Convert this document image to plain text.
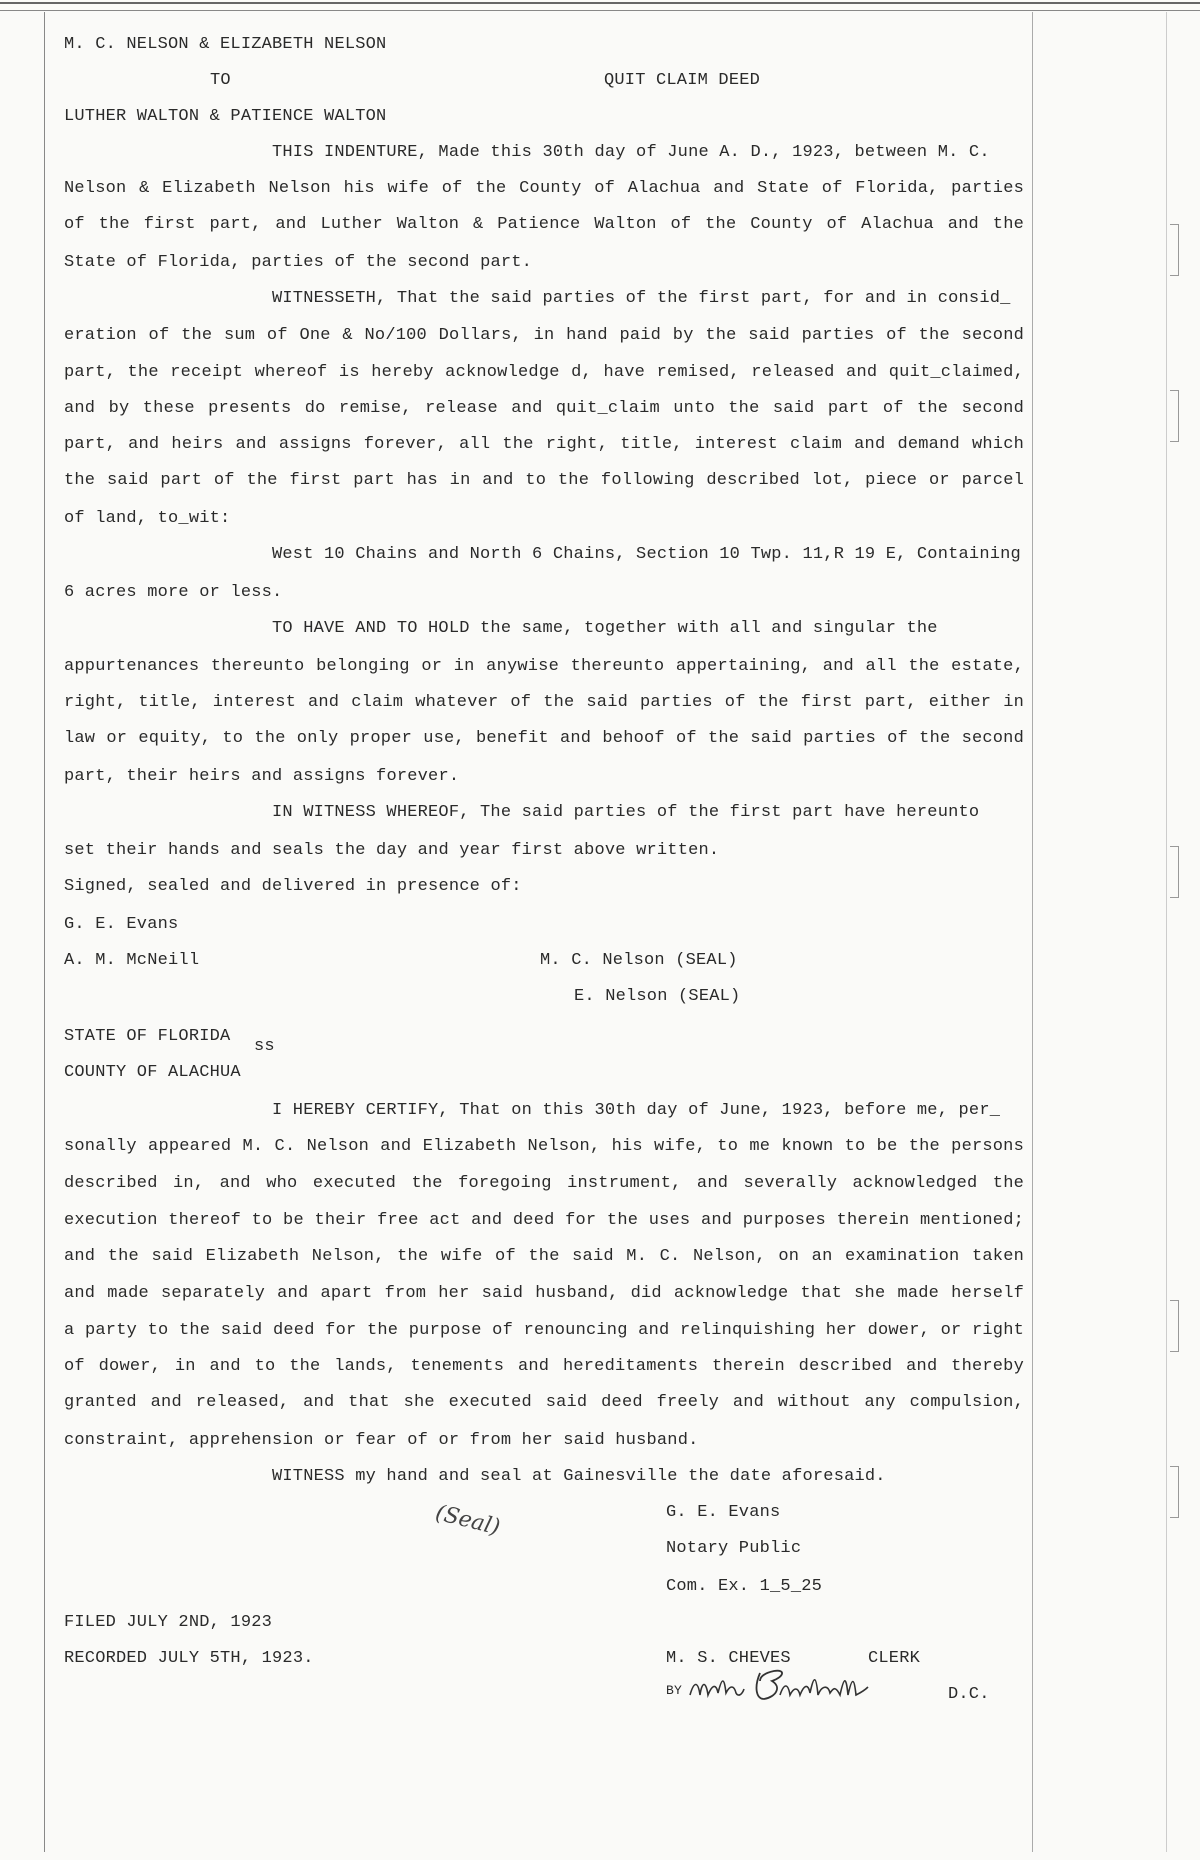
M. C. NELSON & ELIZABETH NELSON
TO	QUIT CLAIM DEED
LUTHER WALTON & PATIENCE WALTON
THIS INDENTURE, Made this 30th day of June A. D., 1923, between M. C.
Nelson & Elizabeth Nelson his wife of the County of Alachua and State of Florida, parties
of the first part, and Luther Walton & Patience Walton of the County of Alachua and the
State of Florida, parties of the second part.
WITNESSETH, That the said parties of the first part, for and in consid_
eration of the sum of One & No/100 Dollars, in hand paid by the said parties of the second
part, the receipt whereof is hereby acknowledge d, have remised, released and quit_claimed,
and by these presents do remise, release and quit_claim unto the said part of the second
part, and heirs and assigns forever, all the right, title, interest claim and demand which
the said part of the first part has in and to the following described lot, piece or parcel
of land, to_wit:
West 10 Chains and North 6 Chains, Section 10 Twp. 11,R 19 E, Containing
6 acres more or less.
TO HAVE AND TO HOLD the same, together with all and singular the
appurtenances thereunto belonging or in anywise thereunto appertaining, and all the estate,
right, title, interest and claim whatever of the said parties of the first part, either in
law or equity, to the only proper use, benefit and behoof of the said parties of the second
part, their heirs and assigns forever.
IN WITNESS WHEREOF, The said parties of the first part have hereunto
set their hands and seals the day and year first above written.
Signed, sealed and delivered in presence of:
G. E. Evans
A. M. McNeill	M. C. Nelson (SEAL)
E. Nelson (SEAL)
STATE OF FLORIDA
ss
COUNTY OF ALACHUA
I HEREBY CERTIFY, That on this 30th day of June, 1923, before me, per_
sonally appeared M. C. Nelson and Elizabeth Nelson, his wife, to me known to be the persons
described in, and who executed the foregoing instrument, and severally acknowledged the
execution thereof to be their free act and deed for the uses and purposes therein mentioned;
and the said Elizabeth Nelson, the wife of the said M. C. Nelson, on an examination taken
and made separately and apart from her said husband, did acknowledge that she made herself
a party to the said deed for the purpose of renouncing and relinquishing her dower, or right
of dower, in and to the lands, tenements and hereditaments therein described and thereby
granted and released, and that she executed said deed freely and without any compulsion,
constraint, apprehension or fear of or from her said husband.
WITNESS my hand and seal at Gainesville the date aforesaid.
(Seal)	G. E. Evans
Notary Public
Com. Ex. 1_5_25
FILED JULY 2ND, 1923
RECORDED JULY 5TH, 1923.	M. S. CHEVES	CLERK
BY	D.C.
